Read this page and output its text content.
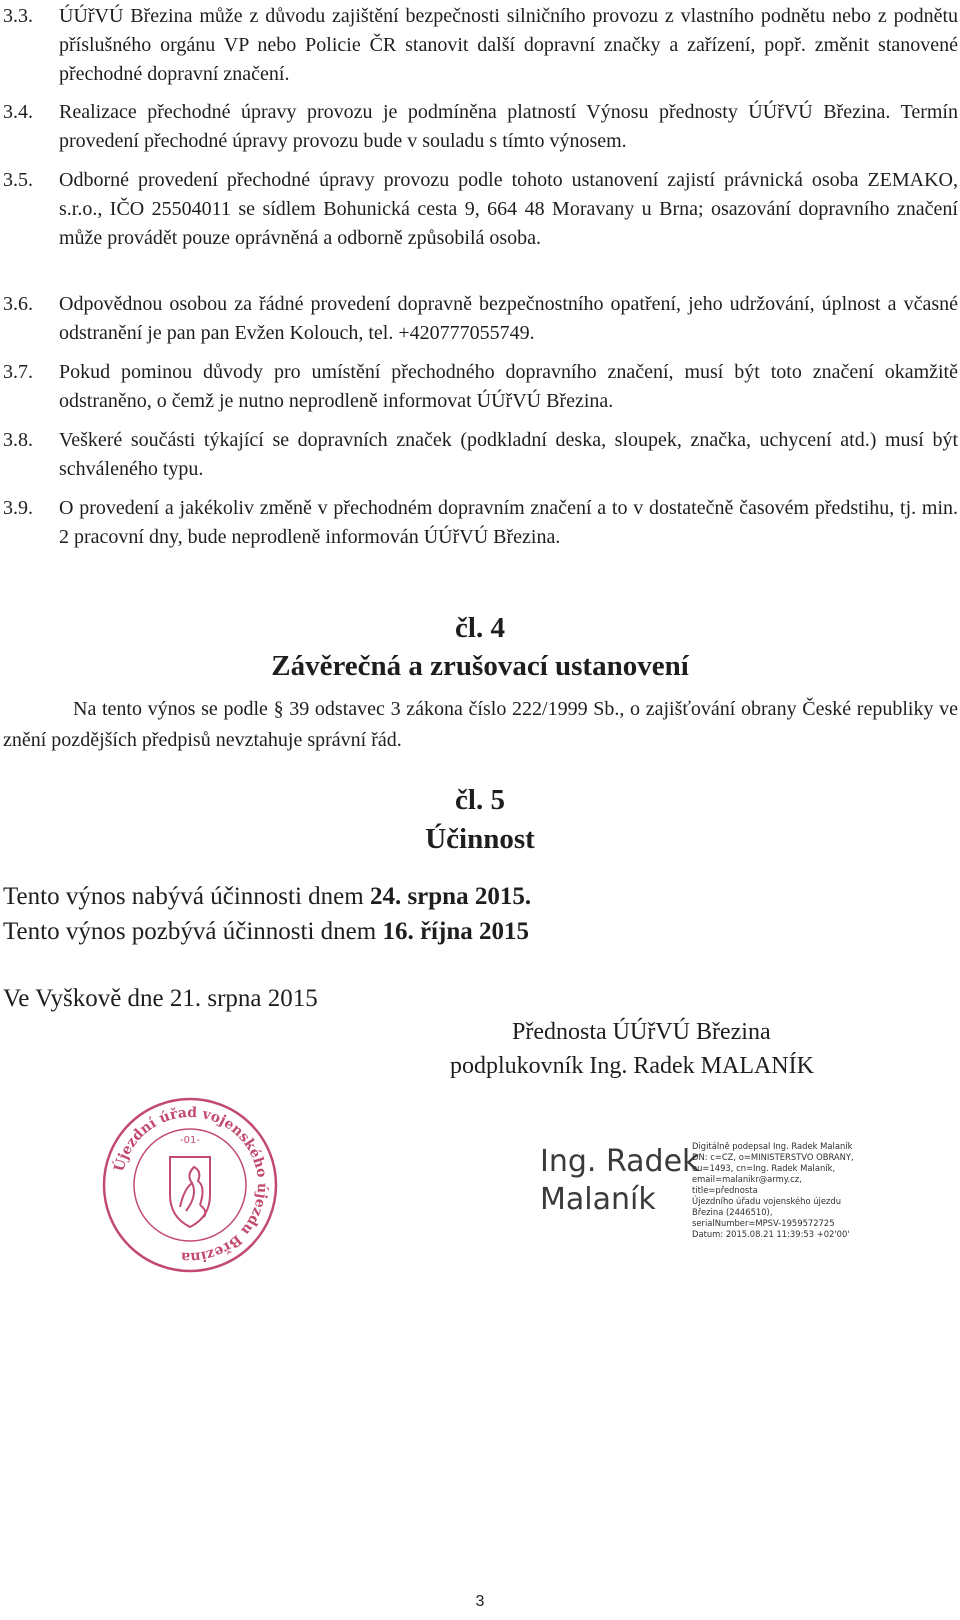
3.3.	ÚÚřVÚ Březina může z důvodu zajištění bezpečnosti silničního provozu z vlastního podnětu nebo z podnětu příslušného orgánu VP nebo Policie ČR stanovit další dopravní značky a zařízení, popř. změnit stanovené přechodné dopravní značení.
3.4.	Realizace přechodné úpravy provozu je podmíněna platností Výnosu přednosty ÚÚřVÚ Březina. Termín provedení přechodné úpravy provozu bude v souladu s tímto výnosem.
3.5.	Odborné provedení přechodné úpravy provozu podle tohoto ustanovení zajistí právnická osoba ZEMAKO, s.r.o., IČO 25504011 se sídlem Bohunická cesta 9, 664 48 Moravany u Brna; osazování dopravního značení může provádět pouze oprávněná a odborně způsobilá osoba.
3.6.	Odpovědnou osobou za řádné provedení dopravně bezpečnostního opatření, jeho udržování, úplnost a včasné odstranění je pan pan Evžen Kolouch, tel. +420777055749.
3.7.	Pokud pominou důvody pro umístění přechodného dopravního značení, musí být toto značení okamžitě odstraněno, o čemž je nutno neprodleně informovat ÚÚřVÚ Březina.
3.8.	Veškeré součásti týkající se dopravních značek (podkladní deska, sloupek, značka, uchycení atd.) musí být schváleného typu.
3.9.	O provedení a jakékoliv změně v přechodném dopravním značení a to v dostatečně časovém předstihu, tj. min. 2 pracovní dny, bude neprodleně informován ÚÚřVÚ Březina.
čl. 4
Závěrečná a zrušovací ustanovení
Na tento výnos se podle § 39 odstavec 3 zákona číslo 222/1999 Sb., o zajišťování obrany České republiky ve znění pozdějších předpisů nevztahuje správní řád.
čl. 5
Účinnost
Tento výnos nabývá účinnosti dnem 24. srpna 2015.
Tento výnos pozbývá účinnosti dnem 16. října 2015
Ve Vyškově dne 21. srpna 2015
Přednosta ÚÚřVÚ Březina
podplukovník Ing. Radek MALANÍK
Újezdní úřad vojenského újezdu Březina
-01-
Ing. Radek
Malaník
Digitálně podepsal Ing. Radek Malaník
DN: c=CZ, o=MINISTERSTVO OBRANY,
ou=1493, cn=Ing. Radek Malaník,
email=malanikr@army.cz, title=přednosta
Újezdního úřadu vojenského újezdu
Březina (2446510),
serialNumber=MPSV-1959572725
Datum: 2015.08.21 11:39:53 +02'00'
3
